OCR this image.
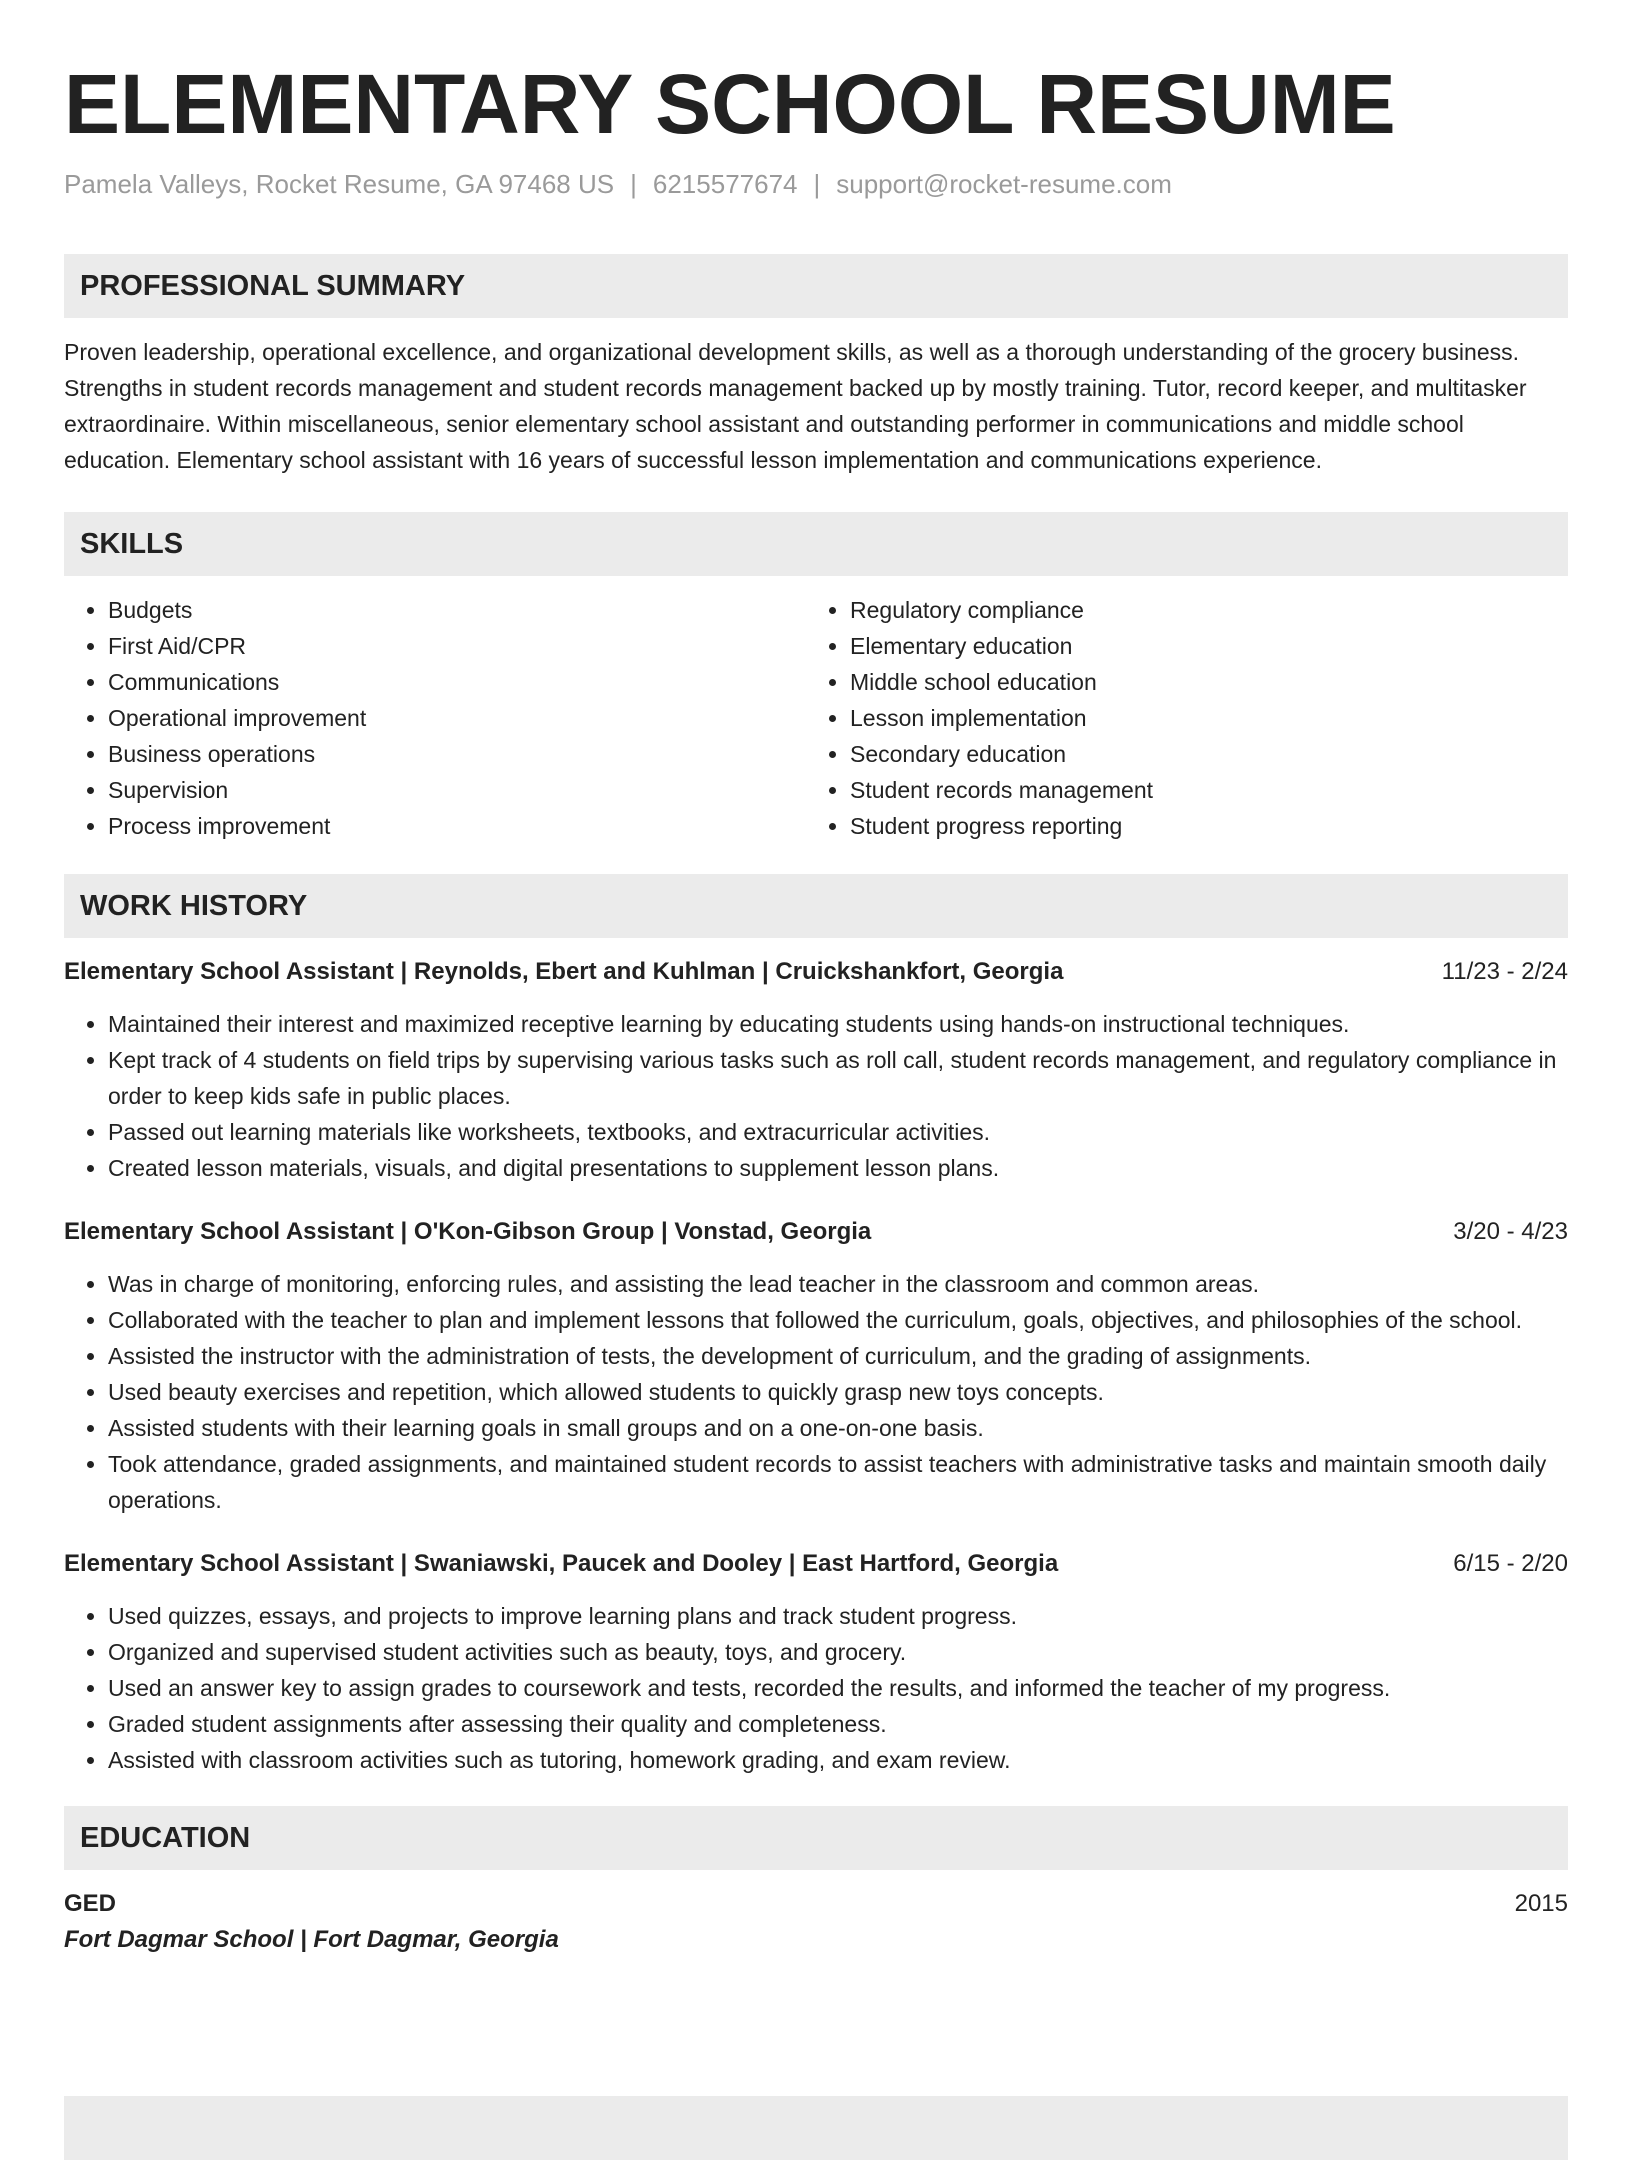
ELEMENTARY SCHOOL RESUME
Pamela Valleys, Rocket Resume, GA 97468 US | 6215577674 | support@rocket-resume.com
PROFESSIONAL SUMMARY

Proven leadership, operational excellence, and organizational development skills, as well as a thorough understanding of the grocery business. Strengths in student records management and student records management backed up by mostly training. Tutor, record keeper, and multitasker extraordinaire. Within miscellaneous, senior elementary school assistant and outstanding performer in communications and middle school education. Elementary school assistant with 16 years of successful lesson implementation and communications experience.

SKILLS
• Budgets
• First Aid/CPR
• Communications
• Operational improvement
• Business operations
• Supervision
• Process improvement
• Regulatory compliance
• Elementary education
• Middle school education
• Lesson implementation
• Secondary education
• Student records management
• Student progress reporting
WORK HISTORY
Elementary School Assistant | Reynolds, Ebert and Kuhlman | Cruickshankfort, Georgia	11/23 - 2/24
• Maintained their interest and maximized receptive learning by educating students using hands-on instructional techniques.
• Kept track of 4 students on field trips by supervising various tasks such as roll call, student records management, and regulatory compliance in order to keep kids safe in public places.
• Passed out learning materials like worksheets, textbooks, and extracurricular activities.
• Created lesson materials, visuals, and digital presentations to supplement lesson plans.
Elementary School Assistant | O'Kon-Gibson Group | Vonstad, Georgia	3/20 - 4/23
• Was in charge of monitoring, enforcing rules, and assisting the lead teacher in the classroom and common areas.
• Collaborated with the teacher to plan and implement lessons that followed the curriculum, goals, objectives, and philosophies of the school.
• Assisted the instructor with the administration of tests, the development of curriculum, and the grading of assignments.
• Used beauty exercises and repetition, which allowed students to quickly grasp new toys concepts.
• Assisted students with their learning goals in small groups and on a one-on-one basis.
• Took attendance, graded assignments, and maintained student records to assist teachers with administrative tasks and maintain smooth daily operations.
Elementary School Assistant | Swaniawski, Paucek and Dooley | East Hartford, Georgia	6/15 - 2/20
• Used quizzes, essays, and projects to improve learning plans and track student progress.
• Organized and supervised student activities such as beauty, toys, and grocery.
• Used an answer key to assign grades to coursework and tests, recorded the results, and informed the teacher of my progress.
• Graded student assignments after assessing their quality and completeness.
• Assisted with classroom activities such as tutoring, homework grading, and exam review.
EDUCATION
GED	2015
Fort Dagmar School | Fort Dagmar, Georgia
